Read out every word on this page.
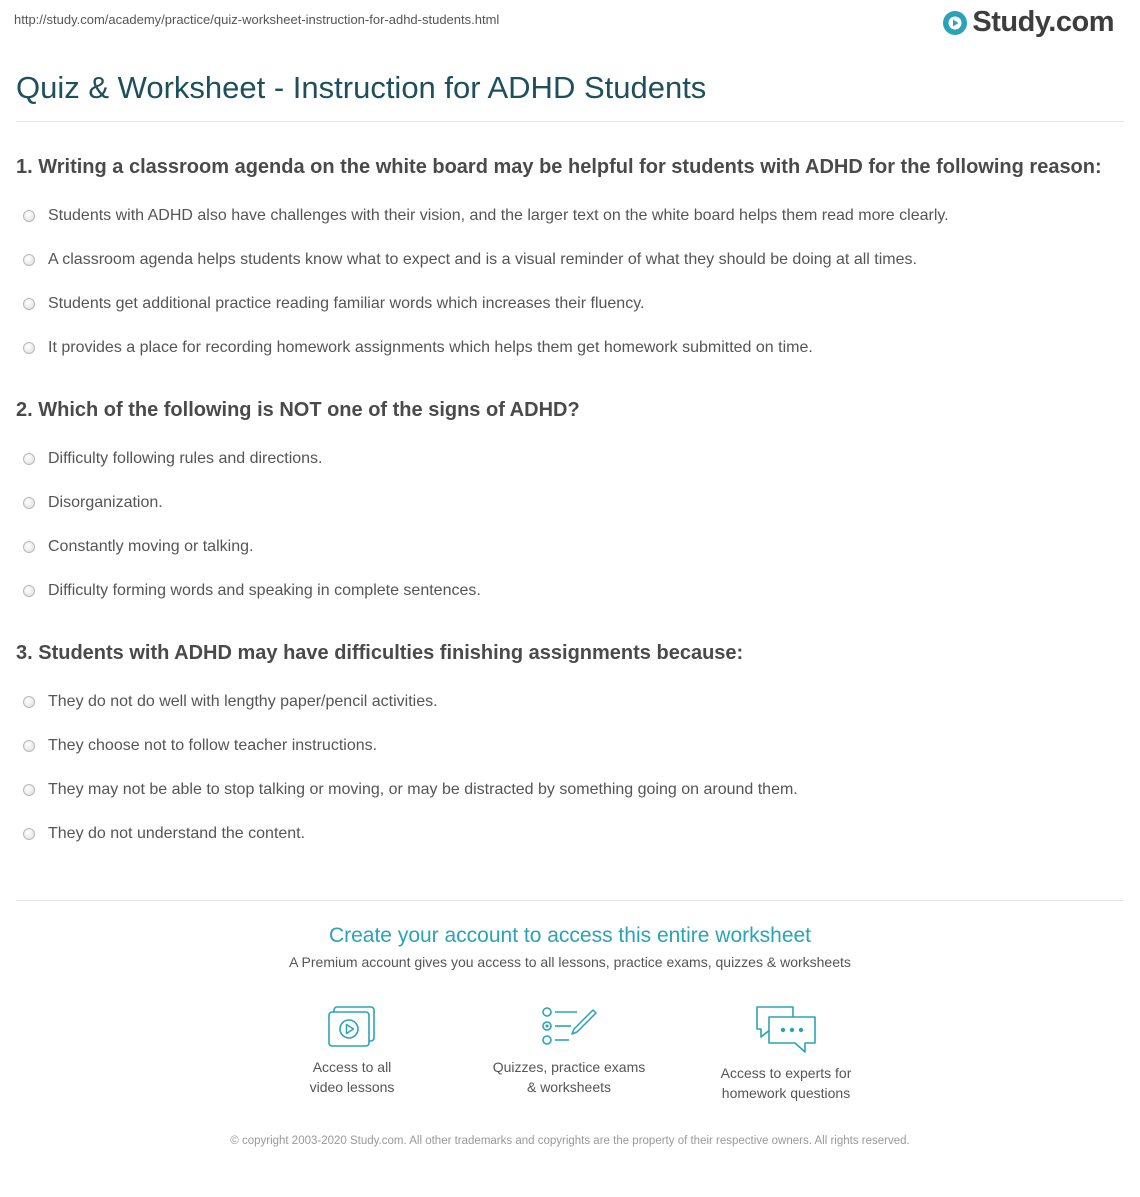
http://study.com/academy/practice/quiz-worksheet-instruction-for-adhd-students.html	Study.com
Quiz & Worksheet - Instruction for ADHD Students

1. Writing a classroom agenda on the white board may be helpful for students with ADHD for the following reason:

Students with ADHD also have challenges with their vision, and the larger text on the white board helps them read more clearly.
A classroom agenda helps students know what to expect and is a visual reminder of what they should be doing at all times.
Students get additional practice reading familiar words which increases their fluency.
It provides a place for recording homework assignments which helps them get homework submitted on time.

2. Which of the following is NOT one of the signs of ADHD?

Difficulty following rules and directions.
Disorganization.
Constantly moving or talking.
Difficulty forming words and speaking in complete sentences.

3. Students with ADHD may have difficulties finishing assignments because:

They do not do well with lengthy paper/pencil activities.
They choose not to follow teacher instructions.
They may not be able to stop talking or moving, or may be distracted by something going on around them.
They do not understand the content.
Create your account to access this entire worksheet
A Premium account gives you access to all lessons, practice exams, quizzes & worksheets
Access to all
video lessons
Quizzes, practice exams
& worksheets
Access to experts for
homework questions
© copyright 2003-2020 Study.com. All other trademarks and copyrights are the property of their respective owners. All rights reserved.
